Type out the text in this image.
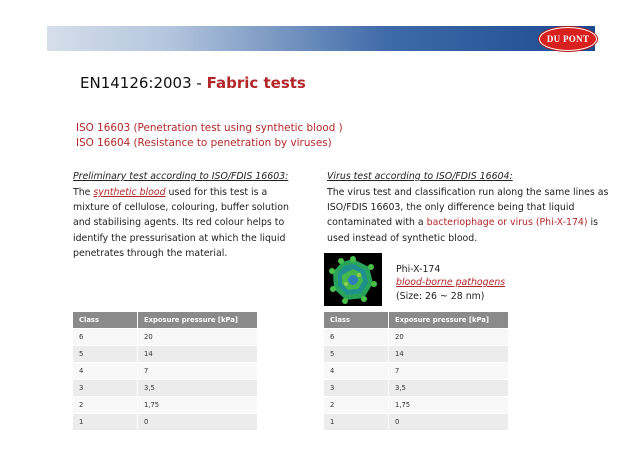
DU PONT
EN14126:2003 - Fabric tests
ISO 16603 (Penetration test using synthetic blood )
ISO 16604 (Resistance to penetration by viruses)
Preliminary test according to ISO/FDIS 16603:
The synthetic blood used for this test is a mixture of cellulose, colouring, buffer solution and stabilising agents. Its red colour helps to identify the pressurisation at which the liquid penetrates through the material.
Virus test according to ISO/FDIS 16604:
The virus test and classification run along the same lines as ISO/FDIS 16603, the only difference being that liquid contaminated with a bacteriophage or virus (Phi-X-174) is used instead of synthetic blood.
Phi-X-174
blood-borne pathogens
(Size: 26 ~ 28 nm)
Class	Exposure pressure [kPa]
6	20
5	14
4	7
3	3,5
2	1,75
1	0
Class	Exposure pressure [kPa]
6	20
5	14
4	7
3	3,5
2	1,75
1	0
